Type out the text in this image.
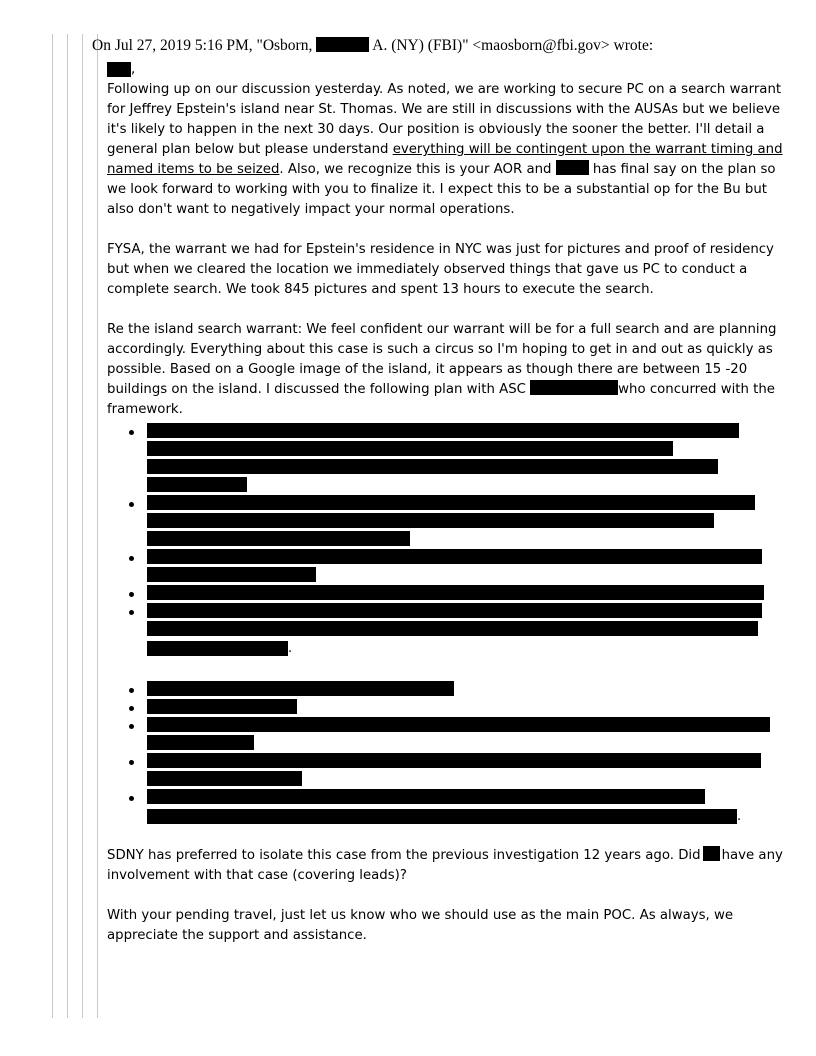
On Jul 27, 2019 5:16 PM, "Osborn,	A. (NY) (FBI)" <maosborn@fbi.gov> wrote:
,

Following up on our discussion yesterday. As noted, we are working to secure PC on a search warrant for Jeffrey Epstein's island near St. Thomas. We are still in discussions with the AUSAs but we believe it's likely to happen in the next 30 days. Our position is obviously the sooner the better. I'll detail a general plan below but please understand everything will be contingent upon the warrant timing and named items to be seized. Also, we recognize this is your AOR and  has final say on the plan so we look forward to working with you to finalize it. I expect this to be a substantial op for the Bu but also don't want to negatively impact your normal operations.

FYSA, the warrant we had for Epstein's residence in NYC was just for pictures and proof of residency but when we cleared the location we immediately observed things that gave us PC to conduct a complete search. We took 845 pictures and spent 13 hours to execute the search.

Re the island search warrant: We feel confident our warrant will be for a full search and are planning accordingly. Everything about this case is such a circus so I'm hoping to get in and out as quickly as possible. Based on a Google image of the island, it appears as though there are between 15 -20 buildings on the island. I discussed the following plan with ASC	who concurred with the framework.

.
.

SDNY has preferred to isolate this case from the previous investigation 12 years ago. Did have any involvement with that case (covering leads)?

With your pending travel, just let us know who we should use as the main POC. As always, we appreciate the support and assistance.
